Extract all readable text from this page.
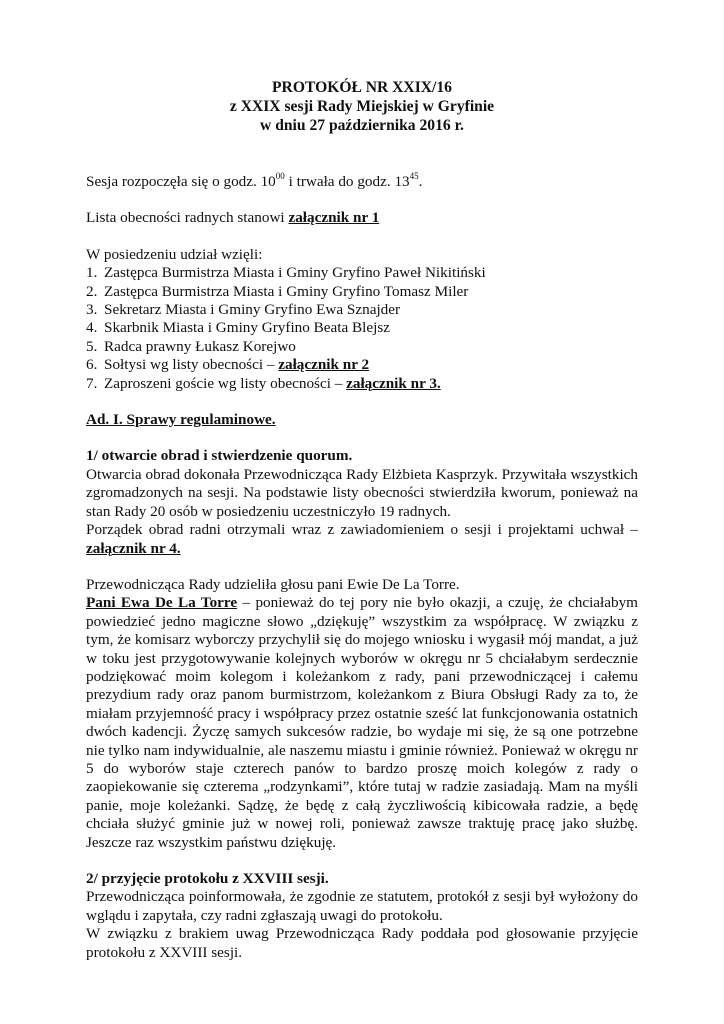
PROTOKÓŁ NR XXIX/16
z XXIX sesji Rady Miejskiej w Gryfinie
w dniu 27 października 2016 r.

Sesja rozpoczęła się o godz. $10^{00}$ i trwała do godz. $13^{45}$.

Lista obecności radnych stanowi załącznik nr 1

W posiedzeniu udział wzięli:

1. Zastępca Burmistrza Miasta i Gminy Gryfino Paweł Nikitiński
2. Zastępca Burmistrza Miasta i Gminy Gryfino Tomasz Miler
3. Sekretarz Miasta i Gminy Gryfino Ewa Sznajder
4. Skarbnik Miasta i Gminy Gryfino Beata Blejsz
5. Radca prawny Łukasz Korejwo
6. Sołtysi wg listy obecności – załącznik nr 2
7. Zaproszeni goście wg listy obecności – załącznik nr 3.

Ad. I. Sprawy regulaminowe.

1/ otwarcie obrad i stwierdzenie quorum.

Otwarcia obrad dokonała Przewodnicząca Rady Elżbieta Kasprzyk. Przywitała wszystkich zgromadzonych na sesji. Na podstawie listy obecności stwierdziła kworum, ponieważ na stan Rady 20 osób w posiedzeniu uczestniczyło 19 radnych.

Porządek obrad radni otrzymali wraz z zawiadomieniem o sesji i projektami uchwał – załącznik nr 4.

Przewodnicząca Rady udzieliła głosu pani Ewie De La Torre.

Pani Ewa De La Torre – ponieważ do tej pory nie było okazji, a czuję, że chciałabym powiedzieć jedno magiczne słowo „dziękuję” wszystkim za współpracę. W związku z tym, że komisarz wyborczy przychylił się do mojego wniosku i wygasił mój mandat, a już w toku jest przygotowywanie kolejnych wyborów w okręgu nr 5 chciałabym serdecznie podziękować moim kolegom i koleżankom z rady, pani przewodniczącej i całemu prezydium rady oraz panom burmistrzom, koleżankom z Biura Obsługi Rady za to, że miałam przyjemność pracy i współpracy przez ostatnie sześć lat funkcjonowania ostatnich dwóch kadencji. Życzę samych sukcesów radzie, bo wydaje mi się, że są one potrzebne nie tylko nam indywidualnie, ale naszemu miastu i gminie również. Ponieważ w okręgu nr 5 do wyborów staje czterech panów to bardzo proszę moich kolegów z rady o zaopiekowanie się czterema „rodzynkami”, które tutaj w radzie zasiadają. Mam na myśli panie, moje koleżanki. Sądzę, że będę z całą życzliwością kibicowała radzie, a będę chciała służyć gminie już w nowej roli, ponieważ zawsze traktuję pracę jako służbę. Jeszcze raz wszystkim państwu dziękuję.

2/ przyjęcie protokołu z XXVIII sesji.

Przewodnicząca poinformowała, że zgodnie ze statutem, protokół z sesji był wyłożony do wglądu i zapytała, czy radni zgłaszają uwagi do protokołu.

W związku z brakiem uwag Przewodnicząca Rady poddała pod głosowanie przyjęcie protokołu z XXVIII sesji.
